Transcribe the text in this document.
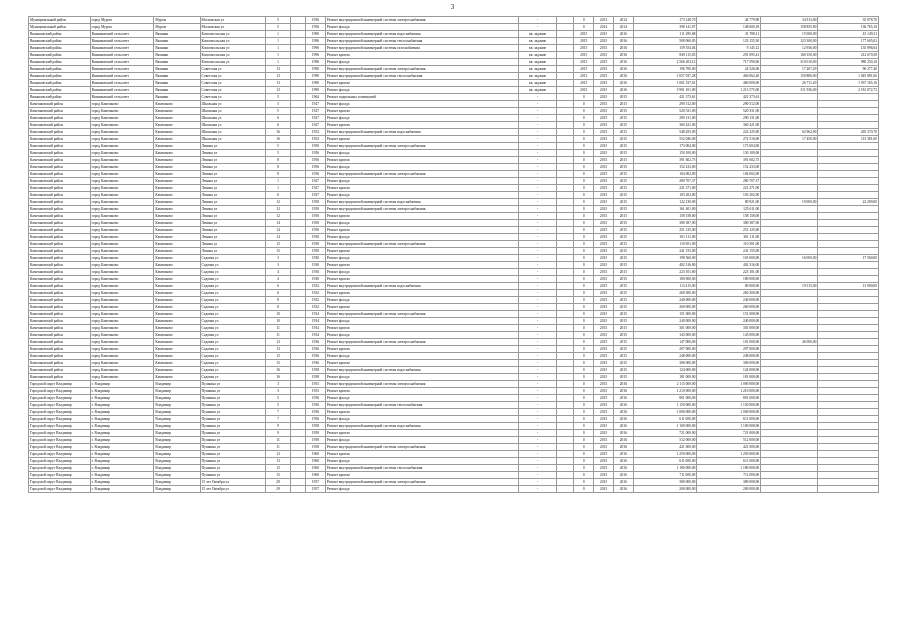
3
Муниципальный район	город Муром	Муром	Московская ул	5		1956	Ремонт внутридомовой инженерной системы электроснабжения	-		0	2013	2014	173 148,70	44 779,90	34 913,00	35 978,70
Муниципальный район	город Муром	Муром	Московская ул	5		1956	Ремонт фасада	-		0	2014	2014	398 141,07	148 600,18	158 855,80	136 765,10
Вязниковский район	Вязниковский сельсовет	Вязники	Комсомольская ул	1		1996	Ремонт внутридомовой инженерной системы водоснабжения	кв. задание		2015	2015	2016	111 295,68	31 708,11	15 000,00	43 149,31
Вязниковский район	Вязниковский сельсовет	Вязники	Комсомольская ул	1		1996	Ремонт внутридомовой инженерной системы теплоснабжения	кв. задание		2015	2015	2016	508 060,05	123 155,30	123 300,00	177 605,02
Вязниковский район	Вязниковский сельсовет	Вязники	Комсомольская ул	1		1996	Ремонт внутридомовой инженерной системы газоснабжения	кв. задание		2015	2015	2016	159 554,04	9 145,12	12 936,00	155 896,04
Вязниковский район	Вязниковский сельсовет	Вязники	Комсомольская ул	1		1996	Ремонт кровли	кв. задание		2015	2015	2016	849 115,05	291 095,41	160 350,00	212 670,58
Вязниковский район	Вязниковский сельсовет	Вязники	Комсомольская ул	1		1996	Ремонт фасада	кв. задание		2015	2015	2016	2 566 203,12	717 590,06	310 010,00	980 250,10
Вязниковский район	Вязниковский сельсовет	Вязники	Советская ул	13		1990	Ремонт внутридомовой инженерной системы электроснабжения	кв. задание		2015	2015	2016	196 700,00	24 526,00	17 207,29	96 277,40
Вязниковский район	Вязниковский сельсовет	Вязники	Советская ул	13		1990	Ремонт внутридомовой инженерной системы теплоснабжения	кв. задание		2015	2015	2016	1 657 037,28	466 062,40	150 880,00	1 045 881,06
Вязниковский район	Вязниковский сельсовет	Вязники	Советская ул	13		1990	Ремонт кровли	кв. задание		2015	2015	2016	1 061 537,01	460 000,00	26 711,20	1 037 165,16
Вязниковский район	Вязниковский сельсовет	Вязники	Советская ул	13		1990	Ремонт фасада	кв. задание		2015	2015	2016	3 901 101,00	1 213 575,00	311 936,00	2 181 072,75
Вязниковский район	Вязниковский сельсовет	Вязники	Советская ул	5		1964	Ремонт подвальных помещений	-		0	2015	2015	421 373,61	421 373,61		
Камешковский район	город Камешково	Камешково	Школьная ул	5		1927	Ремонт фасада	-		0	2015	2015	290 512,00	290 512,00		
Камешковский район	город Камешково	Камешково	Школьная ул	5		1927	Ремонт кровли	-		0	2015	2015	520 331,00	520 331,00		
Камешковский район	город Камешково	Камешково	Школьная ул	6		1927	Ремонт фасада	-		0	2015	2015	290 131,00	290 131,00		
Камешковский район	город Камешково	Камешково	Школьная ул	6		1927	Ремонт кровли	-		0	2015	2015	360 421,00	360 421,00		
Камешковский район	город Камешково	Камешково	Школьная ул	16		1952	Ремонт внутридомовой инженерной системы водоснабжения	-		0	2015	2015	548 455,00	222 325,00	62 962,00	265 370,70
Камешковский район	город Камешково	Камешково	Школьная ул	16		1952	Ремонт кровли	-		0	2015	2015	552 046,00	272 516,00	17 450,00	115 381,00
Камешковский район	город Камешково	Камешково	Ленина ул	5		1956	Ремонт внутридомовой инженерной системы электроснабжения	-		0	2015	2015	173 004,00	173 004,00		
Камешковский район	город Камешково	Камешково	Ленина ул	5		1956	Ремонт фасада	-		0	2015	2015	150 100,00	150 100,00		
Камешковский район	город Камешково	Камешково	Ленина ул	8		1956	Ремонт кровли	-		0	2015	2015	391 602,75	391 602,75		
Камешковский район	город Камешково	Камешково	Ленина ул	8		1956	Ремонт фасада	-		0	2015	2015	152 233,00	152 233,00		
Камешковский район	город Камешково	Камешково	Ленина ул	8		1956	Ремонт внутридомовой инженерной системы электроснабжения	-		0	2015	2015	104 002,00	104 002,00		
Камешковский район	город Камешково	Камешково	Ленина ул	1		1927	Ремонт фасада	-		0	2015	2015	280 707,37	280 707,37		
Камешковский район	город Камешково	Камешково	Ленина ул	1		1927	Ремонт кровли	-		0	2015	2015	221 271,00	221 271,00		
Камешковский район	город Камешково	Камешково	Ленина ул	6		1927	Ремонт фасада	-		0	2015	2015	103 202,00	103 202,00		
Камешковский район	город Камешково	Камешково	Ленина ул	12		1950	Ремонт внутридомовой инженерной системы водоснабжения	-		0	2015	2015	122 130,00	80 921,00	19 000,00	22 209,00
Камешковский район	город Камешково	Камешково	Ленина ул	12		1950	Ремонт внутридомовой инженерной системы электроснабжения	-		0	2015	2015	161 401,00	125 611,00		
Камешковский район	город Камешково	Камешково	Ленина ул	12		1950	Ремонт кровли	-		0	2015	2015	158 158,00	158 158,00		
Камешковский район	город Камешково	Камешково	Ленина ул	14		1950	Ремонт фасада	-		0	2015	2015	380 387,00	380 387,00		
Камешковский район	город Камешково	Камешково	Ленина ул	14		1950	Ремонт кровли	-		0	2015	2015	251 125,00	251 125,00		
Камешковский район	город Камешково	Камешково	Ленина ул	14		1950	Ремонт фасада	-		0	2015	2015	301 111,00	301 111,00		
Камешковский район	город Камешково	Камешково	Ленина ул	15		1950	Ремонт внутридомовой инженерной системы электроснабжения	-		0	2015	2015	110 501,00	110 501,00		
Камешковский район	город Камешково	Камешково	Ленина ул	15		1950	Ремонт кровли	-		0	2015	2015	241 155,00	241 155,00		
Камешковский район	город Камешково	Камешково	Садовая ул	3		1930	Ремонт фасада	-		0	2015	2015	198 560,00	165 000,00	16 000,00	17 560,00
Камешковский район	город Камешково	Камешково	Садовая ул	3		1930	Ремонт кровли	-		0	2015	2015	402 316,00	402 316,00		
Камешковский район	город Камешково	Камешково	Садовая ул	4		1930	Ремонт фасада	-		0	2015	2015	223 101,00	223 101,00		
Камешковский район	город Камешково	Камешково	Садовая ул	4		1930	Ремонт кровли	-		0	2015	2015	180 000,00	180 000,00		
Камешковский район	город Камешково	Камешково	Садовая ул	6		1932	Ремонт внутридомовой инженерной системы водоснабжения	-		0	2015	2015	113 415,00	80 000,00	19 515,00	13 900,00
Камешковский район	город Камешково	Камешково	Садовая ул	6		1932	Ремонт кровли	-		0	2015	2015	260 300,00	260 300,00		
Камешковский район	город Камешково	Камешково	Садовая ул	8		1932	Ремонт фасада	-		0	2015	2015	240 000,00	240 000,00		
Камешковский район	город Камешково	Камешково	Садовая ул	8		1932	Ремонт кровли	-		0	2015	2015	260 000,00	260 000,00		
Камешковский район	город Камешково	Камешково	Садовая ул	10		1934	Ремонт внутридомовой инженерной системы электроснабжения	-		0	2015	2015	151 000,00	151 000,00		
Камешковский район	город Камешково	Камешково	Садовая ул	10		1934	Ремонт фасада	-		0	2015	2015	240 000,00	240 000,00		
Камешковский район	город Камешково	Камешково	Садовая ул	11		1934	Ремонт кровли	-		0	2015	2015	301 000,00	301 000,00		
Камешковский район	город Камешково	Камешково	Садовая ул	11		1934	Ремонт фасада	-		0	2015	2015	143 000,00	143 000,00		
Камешковский район	город Камешково	Камешково	Садовая ул	13		1936	Ремонт внутридомовой инженерной системы электроснабжения	-		0	2015	2015	147 000,00	101 000,00	46 000,00	
Камешковский район	город Камешково	Камешково	Садовая ул	13		1936	Ремонт кровли	-		0	2015	2015	297 000,00	297 000,00		
Камешковский район	город Камешково	Камешково	Садовая ул	15		1936	Ремонт фасада	-		0	2015	2015	248 000,00	248 000,00		
Камешковский район	город Камешково	Камешково	Садовая ул	15		1936	Ремонт кровли	-		0	2015	2015	306 000,00	306 000,00		
Камешковский район	город Камешково	Камешково	Садовая ул	16		1938	Ремонт внутридомовой инженерной системы водоснабжения	-		0	2015	2015	124 000,00	124 000,00		
Камешковский район	город Камешково	Камешково	Садовая ул	16		1938	Ремонт фасада	-		0	2015	2015	181 000,00	181 000,00		
Городской округ Владимир	г. Владимир	Владимир	Пушкина ул	3		1953	Ремонт внутридомовой инженерной системы электроснабжения	-		0	2015	2016	2 115 000,00	1 000 000,00		
Городской округ Владимир	г. Владимир	Владимир	Пушкина ул	3		1953	Ремонт кровли	-		0	2015	2016	1 210 000,00	1 210 000,00		
Городской округ Владимир	г. Владимир	Владимир	Пушкина ул	5		1956	Ремонт фасада	-		0	2015	2016	801 000,00	801 000,00		
Городской округ Владимир	г. Владимир	Владимир	Пушкина ул	5		1956	Ремонт внутридомовой инженерной системы теплоснабжения	-		0	2015	2016	1 150 000,00	1 150 000,00		
Городской округ Владимир	г. Владимир	Владимир	Пушкина ул	7		1956	Ремонт кровли	-		0	2015	2016	1 000 000,00	1 000 000,00		
Городской округ Владимир	г. Владимир	Владимир	Пушкина ул	7		1956	Ремонт фасада	-		0	2015	2016	611 000,00	611 000,00		
Городской округ Владимир	г. Владимир	Владимир	Пушкина ул	9		1958	Ремонт внутридомовой инженерной системы водоснабжения	-		0	2015	2016	1 100 000,00	1 100 000,00		
Городской округ Владимир	г. Владимир	Владимир	Пушкина ул	9		1958	Ремонт кровли	-		0	2015	2016	721 000,00	721 000,00		
Городской округ Владимир	г. Владимир	Владимир	Пушкина ул	11		1958	Ремонт фасада	-		0	2015	2016	512 000,00	512 000,00		
Городской округ Владимир	г. Владимир	Владимир	Пушкина ул	11		1958	Ремонт внутридомовой инженерной системы электроснабжения	-		0	2015	2016	421 000,00	421 000,00		
Городской округ Владимир	г. Владимир	Владимир	Пушкина ул	13		1960	Ремонт кровли	-		0	2015	2016	1 250 000,00	1 250 000,00		
Городской округ Владимир	г. Владимир	Владимир	Пушкина ул	13		1960	Ремонт фасада	-		0	2015	2016	611 000,00	611 000,00		
Городской округ Владимир	г. Владимир	Владимир	Пушкина ул	15		1960	Ремонт внутридомовой инженерной системы теплоснабжения	-		0	2015	2016	1 180 000,00	1 180 000,00		
Городской округ Владимир	г. Владимир	Владимир	Пушкина ул	15		1960	Ремонт кровли	-		0	2015	2016	711 000,00	711 000,00		
Городской округ Владимир	г. Владимир	Владимир	15 лет Октября ул	29		1957	Ремонт внутридомовой инженерной системы электроснабжения	-		0	2015	2016	380 000,00	380 000,00		
Городской округ Владимир	г. Владимир	Владимир	15 лет Октября ул	29		1957	Ремонт фасада	-		0	2015	2016	200 000,00	200 000,00		
